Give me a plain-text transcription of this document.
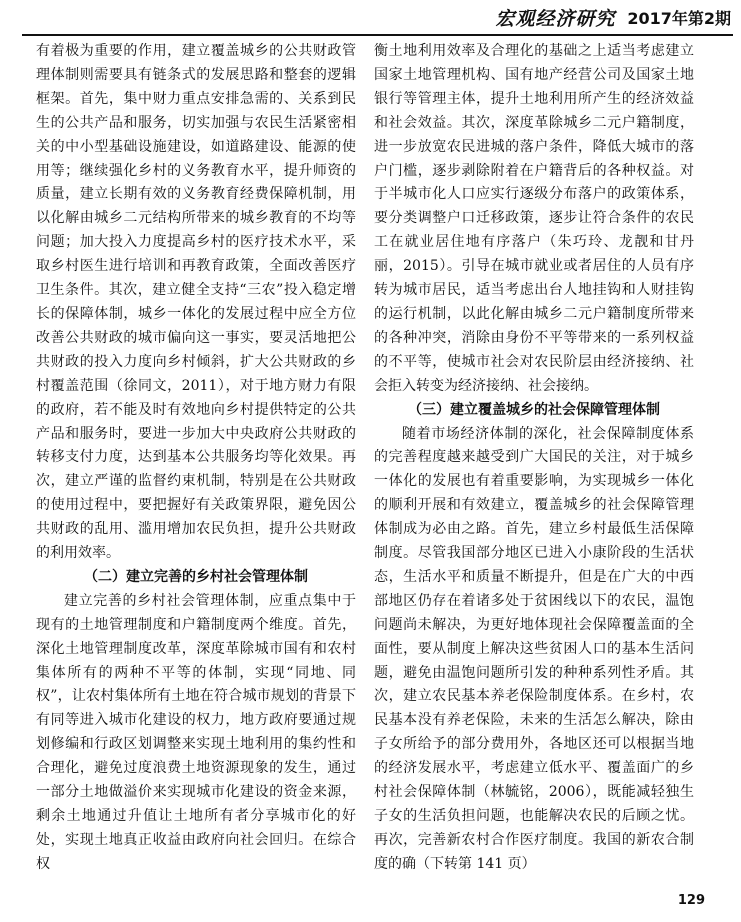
宏观经济研究 2017年第2期

有着极为重要的作用，建立覆盖城乡的公共财政管理体制则需要具有链条式的发展思路和整套的逻辑框架。首先，集中财力重点安排急需的、关系到民生的公共产品和服务，切实加强与农民生活紧密相关的中小型基础设施建设，如道路建设、能源的使用等；继续强化乡村的义务教育水平，提升师资的质量，建立长期有效的义务教育经费保障机制，用以化解由城乡二元结构所带来的城乡教育的不均等问题；加大投入力度提高乡村的医疗技术水平，采取乡村医生进行培训和再教育政策，全面改善医疗卫生条件。其次，建立健全支持“三农”投入稳定增长的保障体制，城乡一体化的发展过程中应全方位改善公共财政的城市偏向这一事实，要灵活地把公共财政的投入力度向乡村倾斜，扩大公共财政的乡村覆盖范围（徐同文，2011），对于地方财力有限的政府，若不能及时有效地向乡村提供特定的公共产品和服务时，要进一步加大中央政府公共财政的转移支付力度，达到基本公共服务均等化效果。再次，建立严谨的监督约束机制，特别是在公共财政的使用过程中，要把握好有关政策界限，避免因公共财政的乱用、滥用增加农民负担，提升公共财政的利用效率。

（二）建立完善的乡村社会管理体制

建立完善的乡村社会管理体制，应重点集中于现有的土地管理制度和户籍制度两个维度。首先，深化土地管理制度改革，深度革除城市国有和农村集体所有的两种不平等的体制，实现“同地、同权”，让农村集体所有土地在符合城市规划的背景下有同等进入城市化建设的权力，地方政府要通过规划修编和行政区划调整来实现土地利用的集约性和合理化，避免过度浪费土地资源现象的发生，通过一部分土地做溢价来实现城市化建设的资金来源，剩余土地通过升值让土地所有者分享城市化的好处，实现土地真正收益由政府向社会回归。在综合权

衡土地利用效率及合理化的基础之上适当考虑建立国家土地管理机构、国有地产经营公司及国家土地银行等管理主体，提升土地利用所产生的经济效益和社会效益。其次，深度革除城乡二元户籍制度，进一步放宽农民进城的落户条件，降低大城市的落户门槛，逐步剥除附着在户籍背后的各种权益。对于半城市化人口应实行逐级分布落户的政策体系，要分类调整户口迁移政策，逐步让符合条件的农民工在就业居住地有序落户（朱巧玲、龙靓和甘丹丽，2015）。引导在城市就业或者居住的人员有序转为城市居民，适当考虑出台人地挂钩和人财挂钩的运行机制，以此化解由城乡二元户籍制度所带来的各种冲突，消除由身份不平等带来的一系列权益的不平等，使城市社会对农民阶层由经济接纳、社会拒入转变为经济接纳、社会接纳。

（三）建立覆盖城乡的社会保障管理体制

随着市场经济体制的深化，社会保障制度体系的完善程度越来越受到广大国民的关注，对于城乡一体化的发展也有着重要影响，为实现城乡一体化的顺利开展和有效建立，覆盖城乡的社会保障管理体制成为必由之路。首先，建立乡村最低生活保障制度。尽管我国部分地区已进入小康阶段的生活状态，生活水平和质量不断提升，但是在广大的中西部地区仍存在着诸多处于贫困线以下的农民，温饱问题尚未解决，为更好地体现社会保障覆盖面的全面性，要从制度上解决这些贫困人口的基本生活问题，避免由温饱问题所引发的种种系列性矛盾。其次，建立农民基本养老保险制度体系。在乡村，农民基本没有养老保险，未来的生活怎么解决，除由子女所给予的部分费用外，各地区还可以根据当地的经济发展水平，考虑建立低水平、覆盖面广的乡村社会保障体制（林毓铭，2006），既能减轻独生子女的生活负担问题，也能解决农民的后顾之忧。再次，完善新农村合作医疗制度。我国的新农合制度的确（下转第 141 页）

129
